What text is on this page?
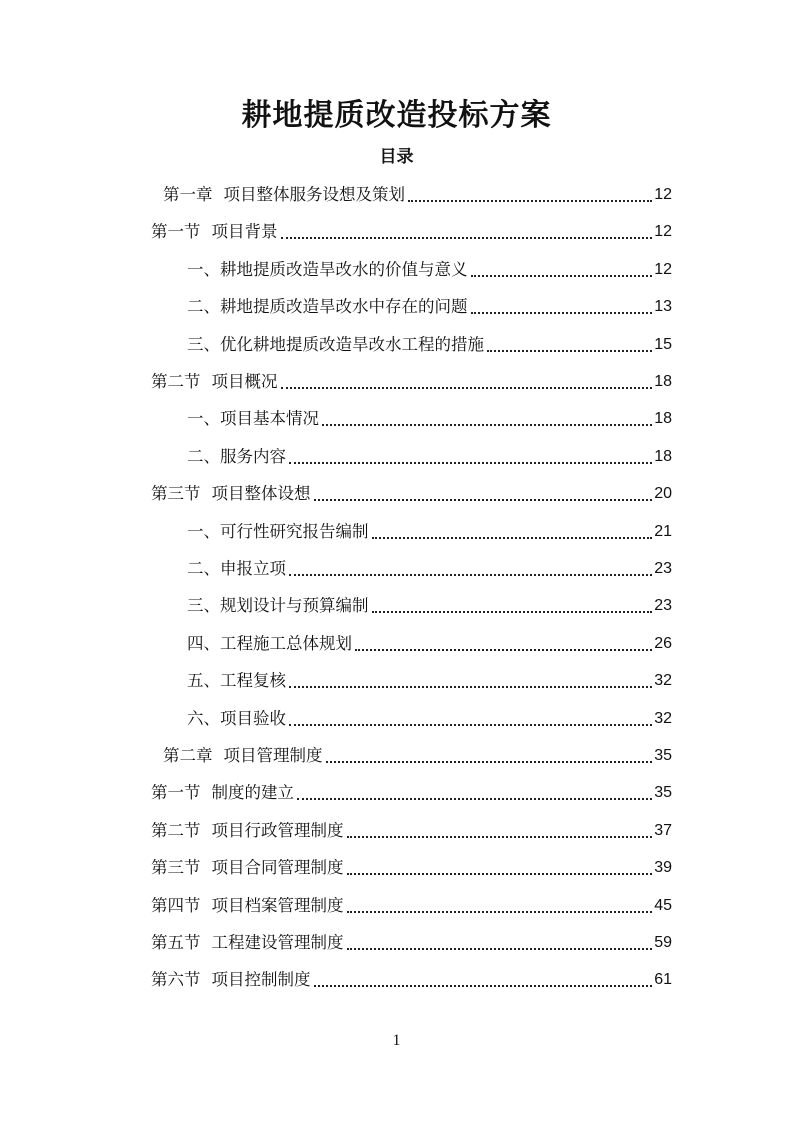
耕地提质改造投标方案
目录
第一章 项目整体服务设想及策划	12
第一节 项目背景	12
一、耕地提质改造旱改水的价值与意义	12
二、耕地提质改造旱改水中存在的问题	13
三、优化耕地提质改造旱改水工程的措施	15
第二节 项目概况	18
一、项目基本情况	18
二、服务内容	18
第三节 项目整体设想	20
一、可行性研究报告编制	21
二、申报立项	23
三、规划设计与预算编制	23
四、工程施工总体规划	26
五、工程复核	32
六、项目验收	32
第二章 项目管理制度	35
第一节 制度的建立	35
第二节 项目行政管理制度	37
第三节 项目合同管理制度	39
第四节 项目档案管理制度	45
第五节 工程建设管理制度	59
第六节 项目控制制度	61
1
